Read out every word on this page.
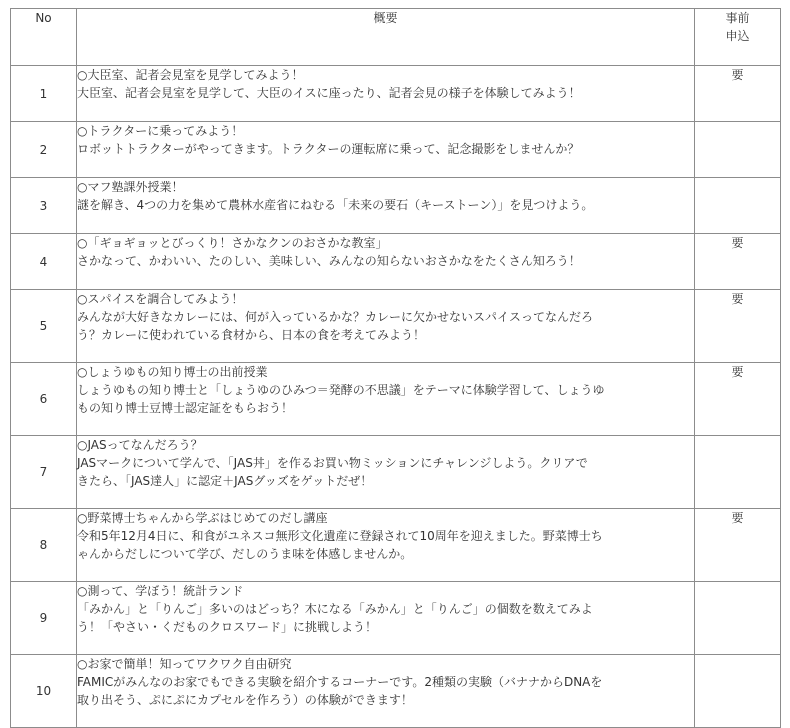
No	概要	事前
申込
1	○大臣室、記者会見室を見学してみよう！
大臣室、記者会見室を見学して、大臣のイスに座ったり、記者会見の様子を体験してみよう！	要
2	○トラクターに乗ってみよう！
ロボットトラクターがやってきます。トラクターの運転席に乗って、記念撮影をしませんか？	

3	○マフ塾課外授業！
謎を解き、4つの力を集めて農林水産省にねむる「未来の要石（キーストーン）」を見つけよう。	

4	○「ギョギョッとびっくり！さかなクンのおさかな教室」
さかなって、かわいい、たのしい、美味しい、みんなの知らないおさかなをたくさん知ろう！	要
5	○スパイスを調合してみよう！
みんなが大好きなカレーには、何が入っているかな？カレーに欠かせないスパイスってなんだろ
う？カレーに使われている食材から、日本の食を考えてみよう！	要
6	○しょうゆもの知り博士の出前授業
しょうゆもの知り博士と「しょうゆのひみつ＝発酵の不思議」をテーマに体験学習して、しょうゆ
もの知り博士豆博士認定証をもらおう！	要
7	○JASってなんだろう？
JASマークについて学んで、「JAS丼」を作るお買い物ミッションにチャレンジしよう。クリアで
きたら、「JAS達人」に認定＋JASグッズをゲットだぜ！	

8	○野菜博士ちゃんから学ぶはじめてのだし講座
令和5年12月4日に、和食がユネスコ無形文化遺産に登録されて10周年を迎えました。野菜博士ち
ゃんからだしについて学び、だしのうま味を体感しませんか。	要
9	○測って、学ぼう！統計ランド
「みかん」と「りんご」多いのはどっち？木になる「みかん」と「りんご」の個数を数えてみよ
う！「やさい・くだものクロスワード」に挑戦しよう！	

10	○お家で簡単！知ってワクワク自由研究
FAMICがみんなのお家でもできる実験を紹介するコーナーです。2種類の実験（バナナからDNAを
取り出そう、ぷにぷにカプセルを作ろう）の体験ができます！	
